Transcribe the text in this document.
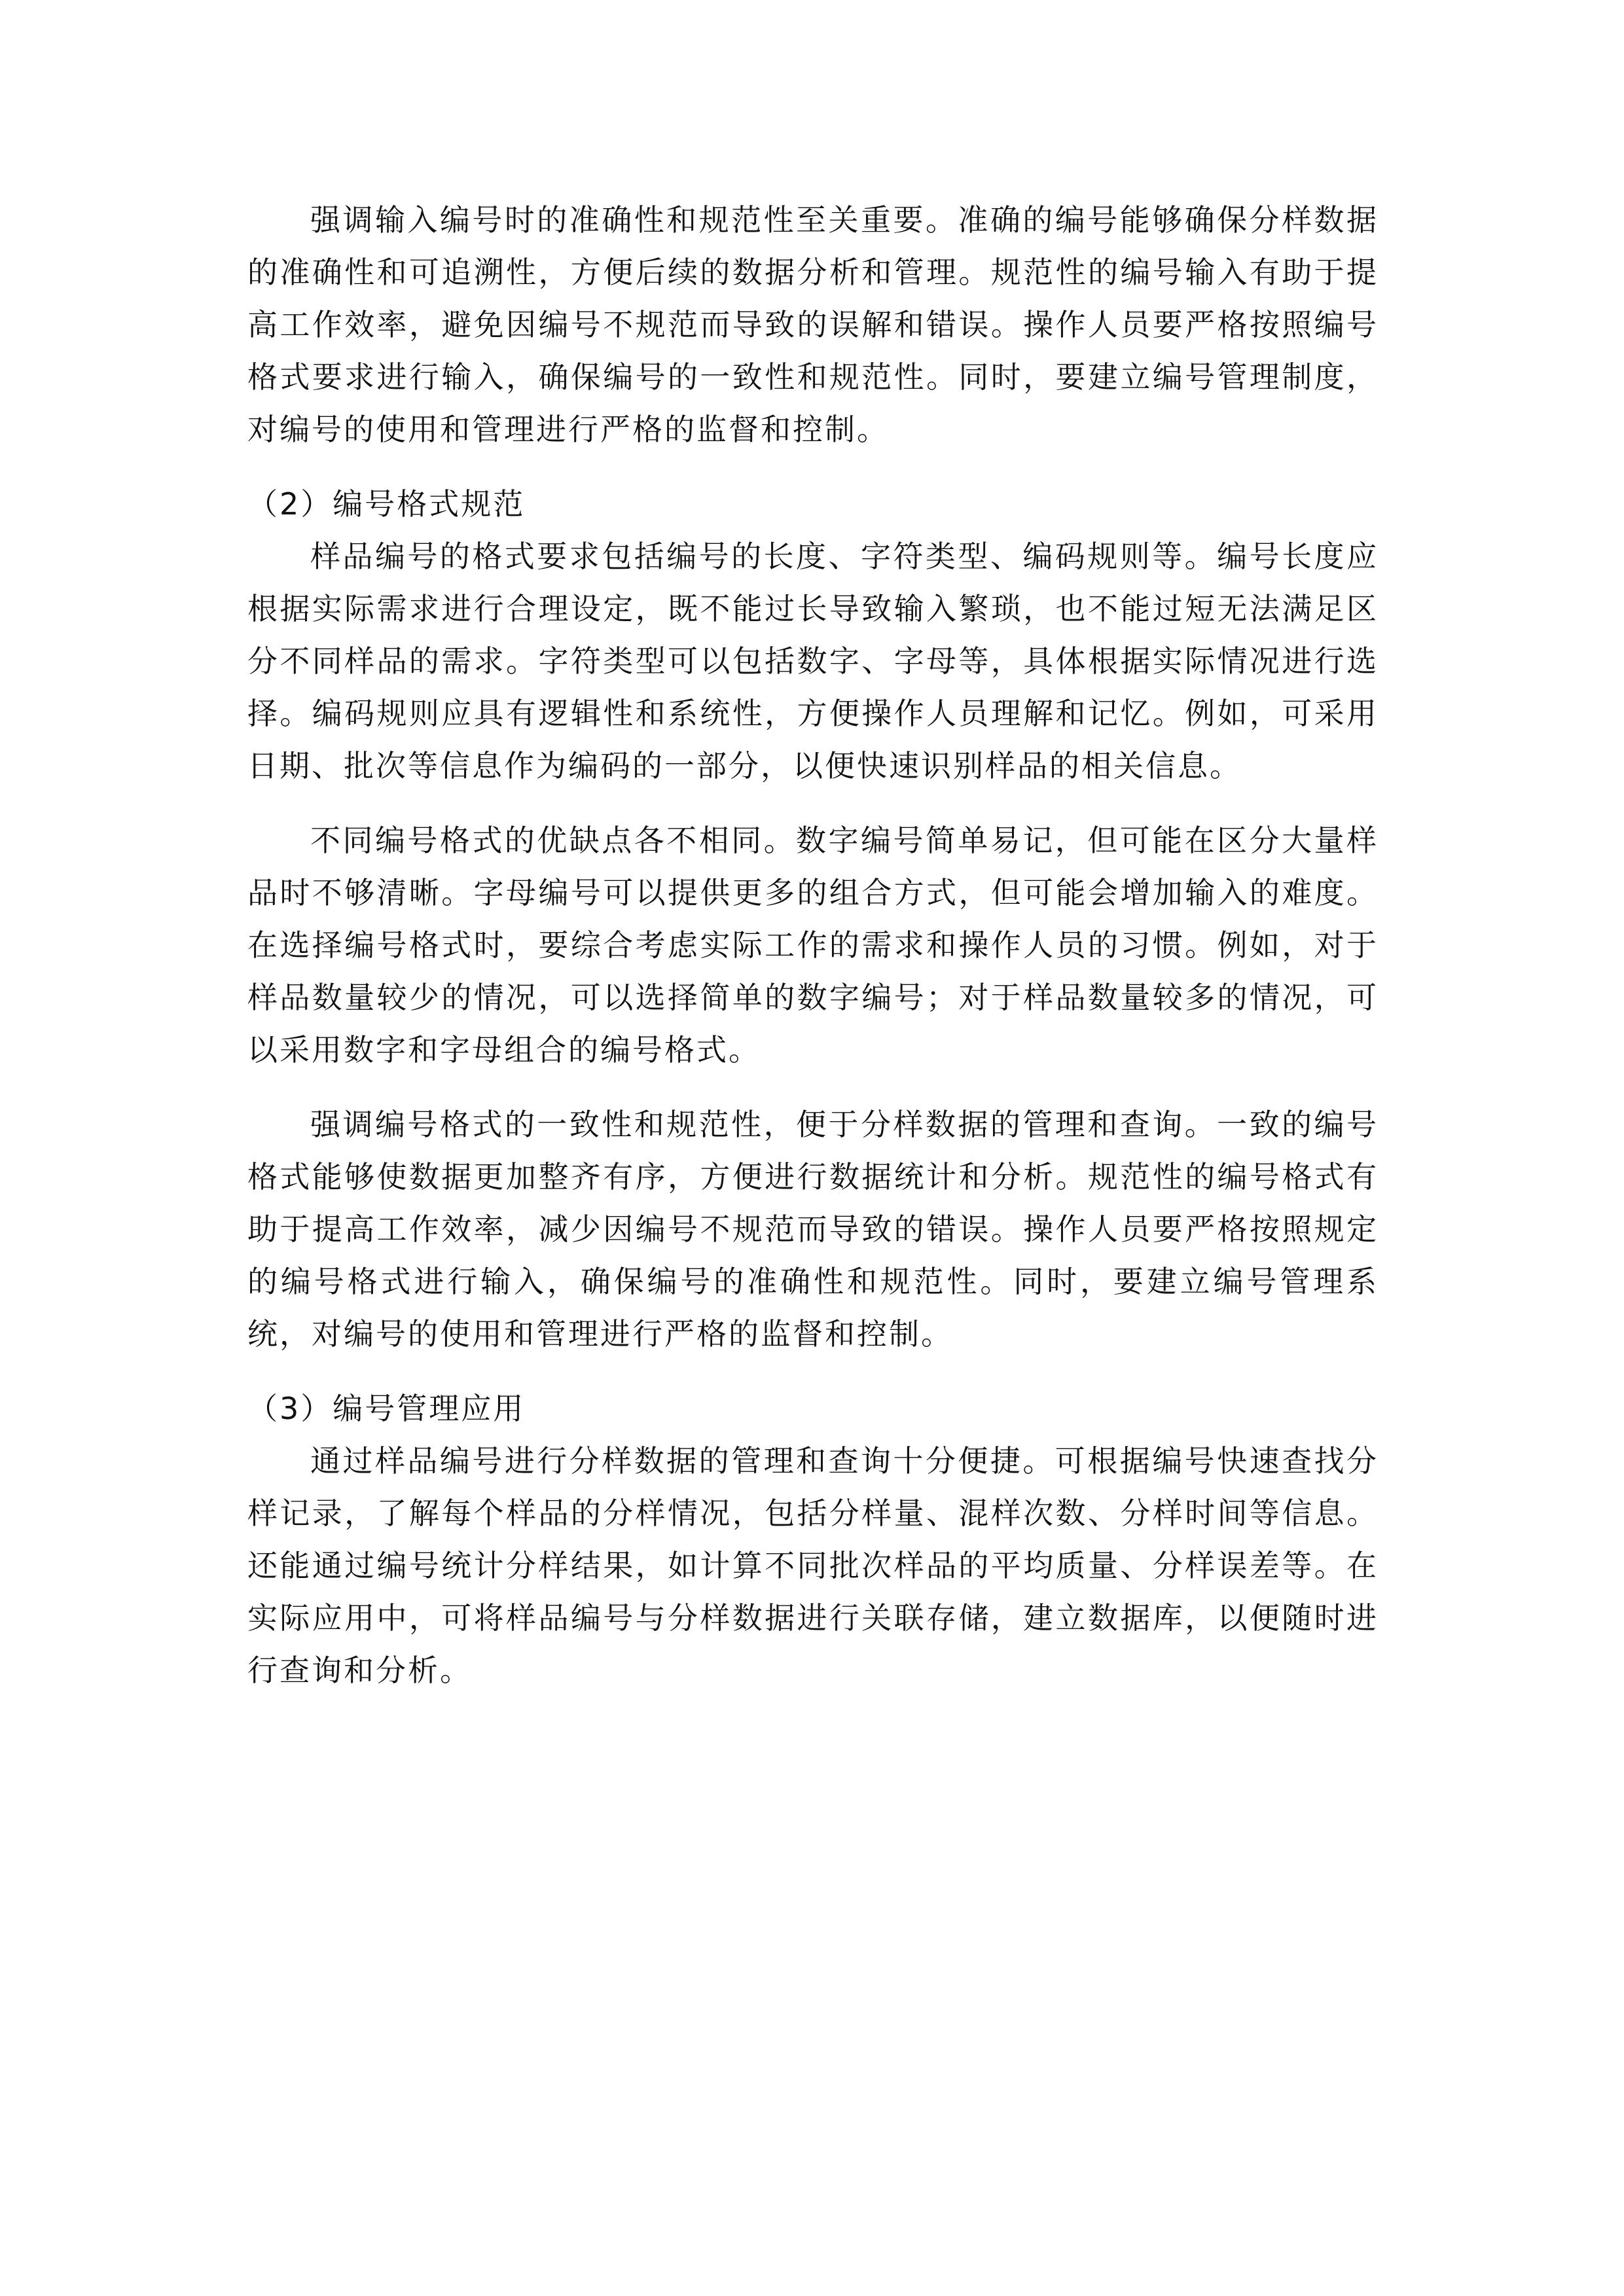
强调输入编号时的准确性和规范性至关重要。准确的编号能够确保分样数据的准确性和可追溯性，方便后续的数据分析和管理。规范性的编号输入有助于提高工作效率，避免因编号不规范而导致的误解和错误。操作人员要严格按照编号格式要求进行输入，确保编号的一致性和规范性。同时，要建立编号管理制度，对编号的使用和管理进行严格的监督和控制。

（2）编号格式规范

样品编号的格式要求包括编号的长度、字符类型、编码规则等。编号长度应根据实际需求进行合理设定，既不能过长导致输入繁琐，也不能过短无法满足区分不同样品的需求。字符类型可以包括数字、字母等，具体根据实际情况进行选择。编码规则应具有逻辑性和系统性，方便操作人员理解和记忆。例如，可采用日期、批次等信息作为编码的一部分，以便快速识别样品的相关信息。

不同编号格式的优缺点各不相同。数字编号简单易记，但可能在区分大量样品时不够清晰。字母编号可以提供更多的组合方式，但可能会增加输入的难度。在选择编号格式时，要综合考虑实际工作的需求和操作人员的习惯。例如，对于样品数量较少的情况，可以选择简单的数字编号；对于样品数量较多的情况，可以采用数字和字母组合的编号格式。

强调编号格式的一致性和规范性，便于分样数据的管理和查询。一致的编号格式能够使数据更加整齐有序，方便进行数据统计和分析。规范性的编号格式有助于提高工作效率，减少因编号不规范而导致的错误。操作人员要严格按照规定的编号格式进行输入，确保编号的准确性和规范性。同时，要建立编号管理系统，对编号的使用和管理进行严格的监督和控制。

（3）编号管理应用

通过样品编号进行分样数据的管理和查询十分便捷。可根据编号快速查找分样记录，了解每个样品的分样情况，包括分样量、混样次数、分样时间等信息。还能通过编号统计分样结果，如计算不同批次样品的平均质量、分样误差等。在实际应用中，可将样品编号与分样数据进行关联存储，建立数据库，以便随时进行查询和分析。
